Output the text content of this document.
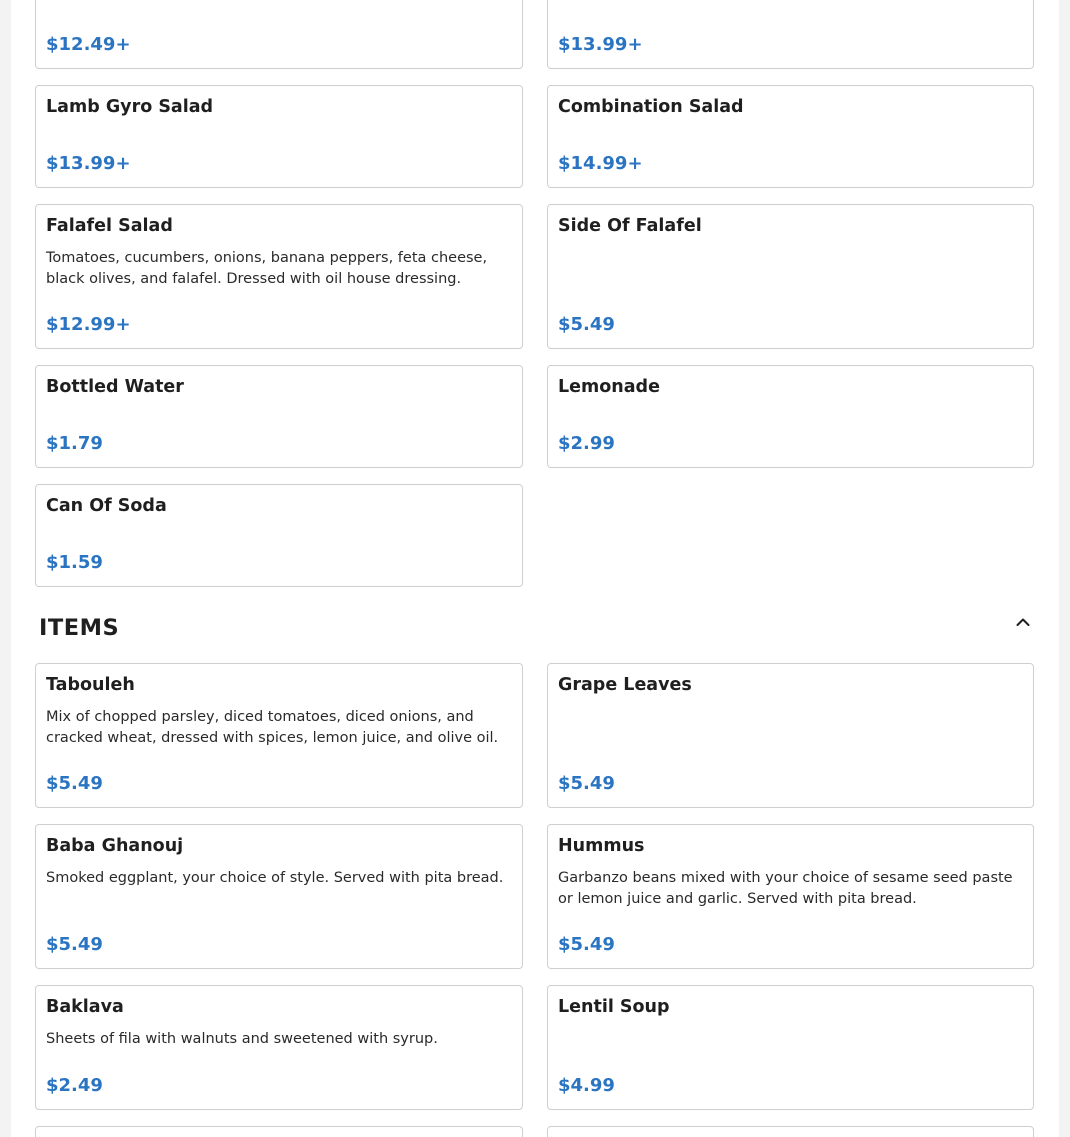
$12.49+	$13.99+
Lamb Gyro Salad
$13.99+
Combination Salad
$14.99+
Falafel Salad
Tomatoes, cucumbers, onions, banana peppers, feta cheese, black olives, and falafel. Dressed with oil house dressing.
$12.99+
Side Of Falafel
$5.49
Bottled Water
$1.79
Lemonade
$2.99
Can Of Soda
$1.59
ITEMS
Tabouleh
Mix of chopped parsley, diced tomatoes, diced onions, and cracked wheat, dressed with spices, lemon juice, and olive oil.
$5.49
Grape Leaves
$5.49
Baba Ghanouj
Smoked eggplant, your choice of style. Served with pita bread.
$5.49
Hummus
Garbanzo beans mixed with your choice of sesame seed paste or lemon juice and garlic. Served with pita bread.
$5.49
Baklava
Sheets of fila with walnuts and sweetened with syrup.
$2.49
Lentil Soup
$4.99
